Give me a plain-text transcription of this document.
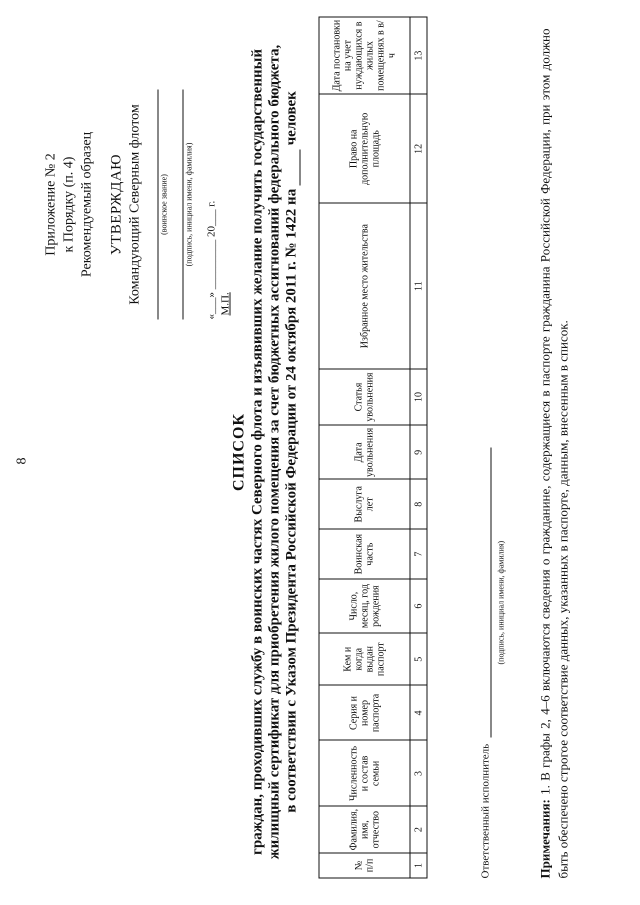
8
Приложение № 2 к Порядку (п. 4) Рекомендуемый образец УТВЕРЖДАЮ Командующий Северным флотом (воинское звание) (подпись, инициал имени, фамилия) «___» _________ 20___ г. М.П.
СПИСОК граждан, проходивших службу в воинских частях Северного флота и изъявивших желание получить государственный жилищный сертификат для приобретения жилого помещения за счет бюджетных ассигнований федерального бюджета, в соответствии с Указом Президента Российской Федерации от 24 октября 2011 г. № 1422 на  человек
№ п/п	Фамилия, имя, отчество	Численность и состав семьи	Серия и номер паспорта	Кем и когда выдан паспорт	Число, месяц, год рождения	Воинская часть	Выслуга лет	Дата увольнения	Статья увольнения	Избранное место жительства	Право на дополнительную площадь	Дата постановки на учет нуждающихся в жилых помещениях в в/ч
1	2	3	4	5	6	7	8	9	10	11	12	13
Ответственный исполнитель
(подпись, инициал имени, фамилия)
Примечания: 1. В графы 2, 4–6 включаются сведения о гражданине, содержащиеся в паспорте гражданина Российской Федерации, при этом должно быть обеспечено строгое соответствие данных, указанных в паспорте, данным, внесенным в список.
